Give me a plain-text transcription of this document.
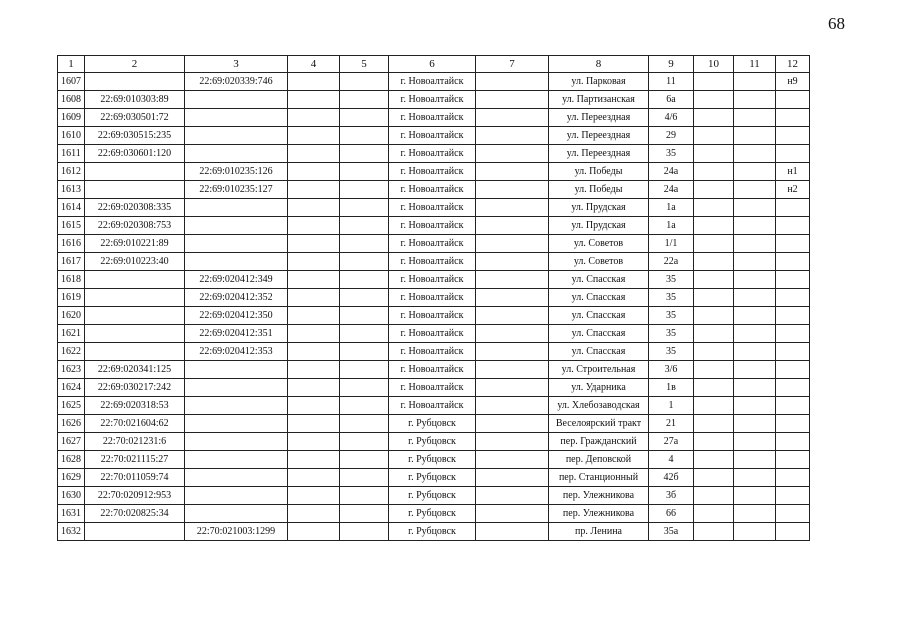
68
1	2	3	4	5	6	7	8	9	10	11	12
1607		22:69:020339:746			г. Новоалтайск		ул. Парковая	11			н9
1608	22:69:010303:89				г. Новоалтайск		ул. Партизанская	6а			
1609	22:69:030501:72				г. Новоалтайск		ул. Переездная	4/6			
1610	22:69:030515:235				г. Новоалтайск		ул. Переездная	29			
1611	22:69:030601:120				г. Новоалтайск		ул. Переездная	35			
1612		22:69:010235:126			г. Новоалтайск		ул. Победы	24а			н1
1613		22:69:010235:127			г. Новоалтайск		ул. Победы	24а			н2
1614	22:69:020308:335				г. Новоалтайск		ул. Прудская	1а			
1615	22:69:020308:753				г. Новоалтайск		ул. Прудская	1а			
1616	22:69:010221:89				г. Новоалтайск		ул. Советов	1/1			
1617	22:69:010223:40				г. Новоалтайск		ул. Советов	22а			
1618		22:69:020412:349			г. Новоалтайск		ул. Спасская	35			
1619		22:69:020412:352			г. Новоалтайск		ул. Спасская	35			
1620		22:69:020412:350			г. Новоалтайск		ул. Спасская	35			
1621		22:69:020412:351			г. Новоалтайск		ул. Спасская	35			
1622		22:69:020412:353			г. Новоалтайск		ул. Спасская	35			
1623	22:69:020341:125				г. Новоалтайск		ул. Строительная	3/6			
1624	22:69:030217:242				г. Новоалтайск		ул. Ударника	1в			
1625	22:69:020318:53				г. Новоалтайск		ул. Хлебозаводская	1			
1626	22:70:021604:62				г. Рубцовск		Веселоярский тракт	21			
1627	22:70:021231:6				г. Рубцовск		пер. Гражданский	27а			
1628	22:70:021115:27				г. Рубцовск		пер. Деповской	4			
1629	22:70:011059:74				г. Рубцовск		пер. Станционный	42б			
1630	22:70:020912:953				г. Рубцовск		пер. Улежникова	3б			
1631	22:70:020825:34				г. Рубцовск		пер. Улежникова	66			
1632		22:70:021003:1299			г. Рубцовск		пр. Ленина	35а			
